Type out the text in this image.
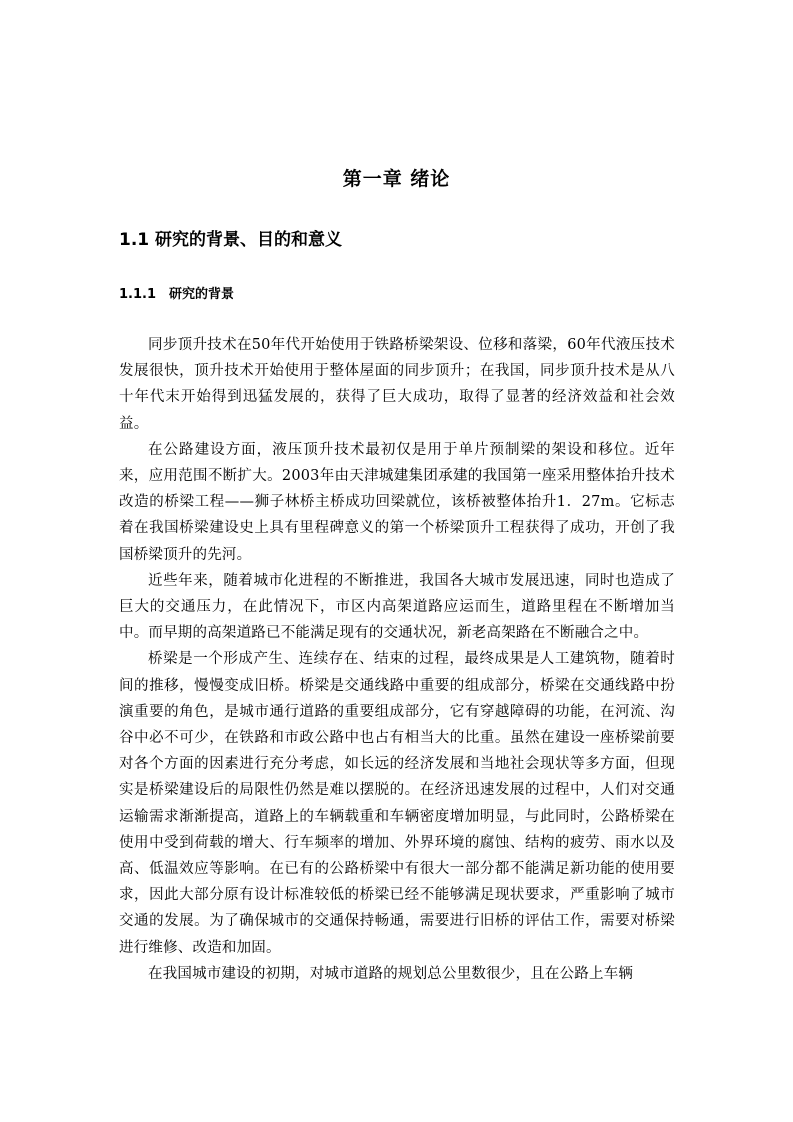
第一章 绪论
1.1 研究的背景、目的和意义
1.1.1 研究的背景

同步顶升技术在50年代开始使用于铁路桥梁架设、位移和落梁，60年代液压技术发展很快，顶升技术开始使用于整体屋面的同步顶升；在我国，同步顶升技术是从八十年代末开始得到迅猛发展的，获得了巨大成功，取得了显著的经济效益和社会效益。

在公路建设方面，液压顶升技术最初仅是用于单片预制梁的架设和移位。近年来，应用范围不断扩大。2003年由天津城建集团承建的我国第一座采用整体抬升技术改造的桥梁工程——狮子林桥主桥成功回梁就位，该桥被整体抬升1．27m。它标志着在我国桥梁建设史上具有里程碑意义的第一个桥梁顶升工程获得了成功，开创了我国桥梁顶升的先河。

近些年来，随着城市化进程的不断推进，我国各大城市发展迅速，同时也造成了巨大的交通压力，在此情况下，市区内高架道路应运而生，道路里程在不断增加当中。而早期的高架道路已不能满足现有的交通状况，新老高架路在不断融合之中。

桥梁是一个形成产生、连续存在、结束的过程，最终成果是人工建筑物，随着时间的推移，慢慢变成旧桥。桥梁是交通线路中重要的组成部分，桥梁在交通线路中扮演重要的角色，是城市通行道路的重要组成部分，它有穿越障碍的功能，在河流、沟谷中必不可少，在铁路和市政公路中也占有相当大的比重。虽然在建设一座桥梁前要对各个方面的因素进行充分考虑，如长远的经济发展和当地社会现状等多方面，但现实是桥梁建设后的局限性仍然是难以摆脱的。在经济迅速发展的过程中，人们对交通运输需求渐渐提高，道路上的车辆载重和车辆密度增加明显，与此同时，公路桥梁在使用中受到荷载的增大、行车频率的增加、外界环境的腐蚀、结构的疲劳、雨水以及高、低温效应等影响。在已有的公路桥梁中有很大一部分都不能满足新功能的使用要求，因此大部分原有设计标准较低的桥梁已经不能够满足现状要求，严重影响了城市交通的发展。为了确保城市的交通保持畅通，需要进行旧桥的评估工作，需要对桥梁进行维修、改造和加固。

在我国城市建设的初期，对城市道路的规划总公里数很少，且在公路上车辆
